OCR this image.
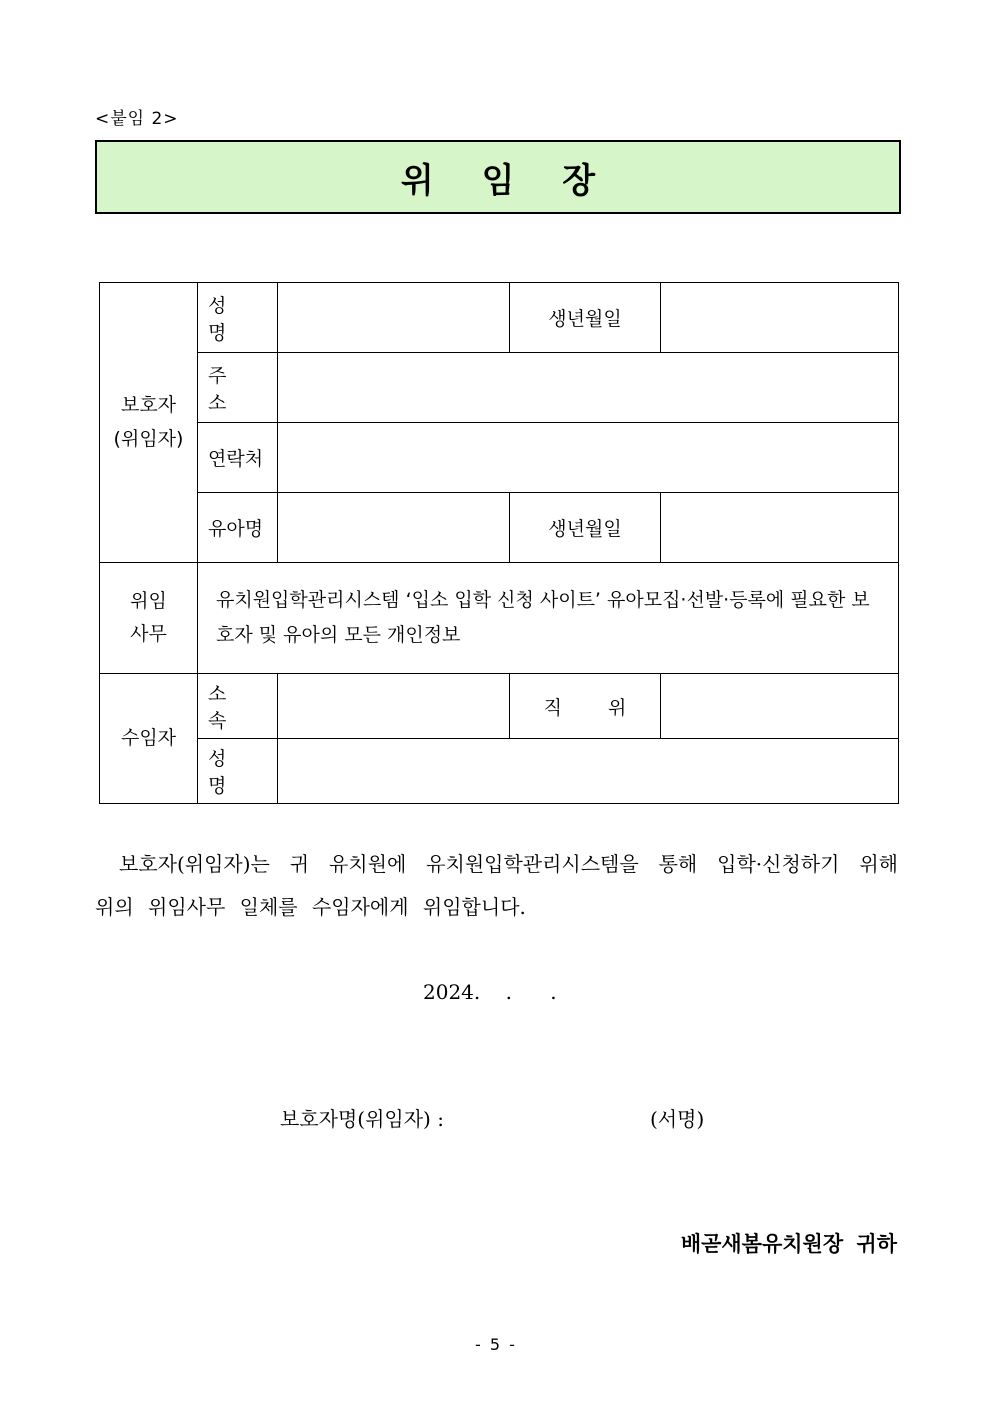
<붙임 2>
위 임 장
보호자
(위임자)	성 명		생년월일	
	주 소			
	연락처			
	유아명		생년월일	
위임
사무	유치원입학관리시스템 ‘입소 입학 신청 사이트’ 유아모집·선발·등록에 필요한 보호자 및 유아의 모든 개인정보			
수임자	소 속		직 위	
	성 명			
보호자(위임자)는 귀 유치원에 유치원입학관리시스템을 통해 입학·신청하기 위해 위의 위임사무 일체를 수임자에게 위임합니다.
2024.    .      .
보호자명(위임자) :	(서명)
배곧새봄유치원장 귀하
- 5 -
